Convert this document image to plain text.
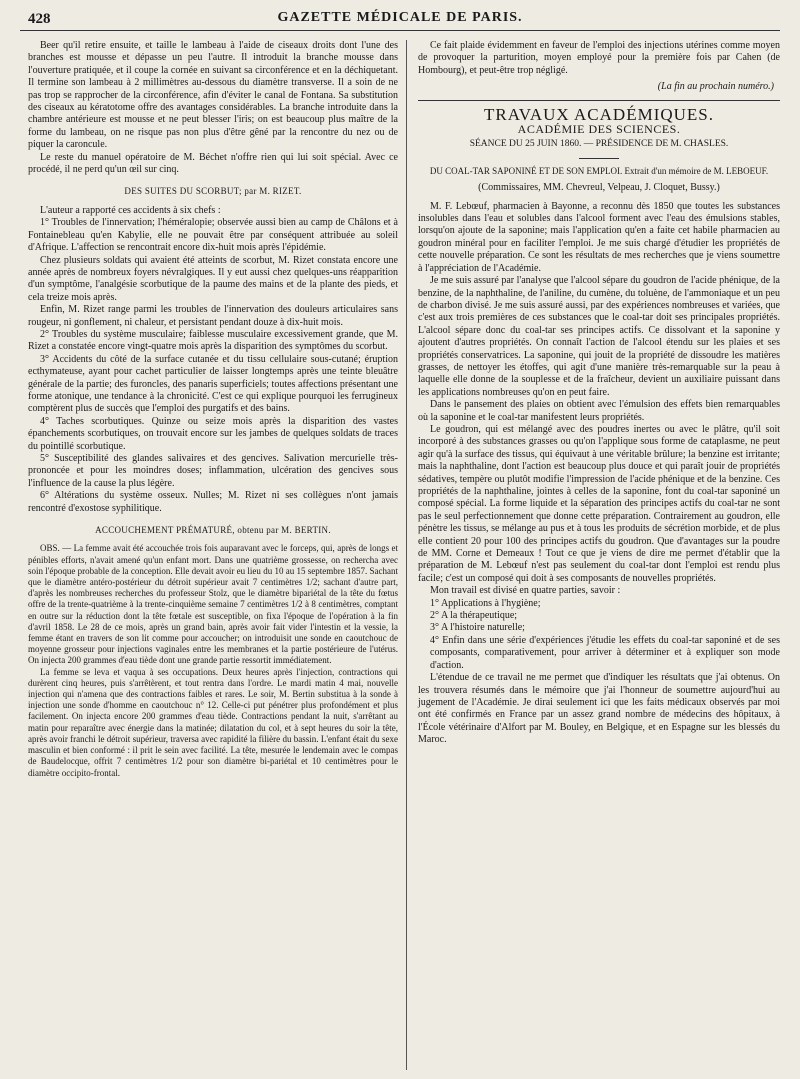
428	GAZETTE MÉDICALE DE PARIS.

Beer qu'il retire ensuite, et taille le lambeau à l'aide de ciseaux droits dont l'une des branches est mousse et dépasse un peu l'autre. Il introduit la branche mousse dans l'ouverture pratiquée, et il coupe la cornée en suivant sa circonférence et en la déchiquetant. Il termine son lambeau à 2 millimètres au-dessous du diamètre transverse. Il a soin de ne pas trop se rapprocher de la circonférence, afin d'éviter le canal de Fontana. Sa substitution des ciseaux au kératotome offre des avantages considérables. La branche introduite dans la chambre antérieure est mousse et ne peut blesser l'iris; on est beaucoup plus maître de la forme du lambeau, on ne risque pas non plus d'être gêné par la rencontre du nez ou de piquer la caroncule.

Le reste du manuel opératoire de M. Béchet n'offre rien qui lui soit spécial. Avec ce procédé, il ne perd qu'un œil sur cinq.

DES SUITES DU SCORBUT; par M. RIZET.

L'auteur a rapporté ces accidents à six chefs :

1° Troubles de l'innervation; l'héméralopie; observée aussi bien au camp de Châlons et à Fontainebleau qu'en Kabylie, elle ne pouvait être par conséquent attribuée au soleil d'Afrique. L'affection se rencontrait encore dix-huit mois après l'épidémie.

Chez plusieurs soldats qui avaient été atteints de scorbut, M. Rizet constata encore une année après de nombreux foyers névralgiques. Il y eut aussi chez quelques-uns réapparition d'un symptôme, l'analgésie scorbutique de la paume des mains et de la plante des pieds, et cela treize mois après.

Enfin, M. Rizet range parmi les troubles de l'innervation des douleurs articulaires sans rougeur, ni gonflement, ni chaleur, et persistant pendant douze à dix-huit mois.

2° Troubles du système musculaire; faiblesse musculaire excessivement grande, que M. Rizet a constatée encore vingt-quatre mois après la disparition des symptômes du scorbut.

3° Accidents du côté de la surface cutanée et du tissu cellulaire sous-cutané; éruption ecthymateuse, ayant pour cachet particulier de laisser longtemps après une teinte bleuâtre générale de la partie; des furoncles, des panaris superficiels; toutes affections présentant une forme atonique, une tendance à la chronicité. C'est ce qui explique pourquoi les ferrugineux comptèrent plus de succès que l'emploi des purgatifs et des bains.

4° Taches scorbutiques. Quinze ou seize mois après la disparition des vastes épanchements scorbutiques, on trouvait encore sur les jambes de quelques soldats de traces du pointillé scorbutique.

5° Susceptibilité des glandes salivaires et des gencives. Salivation mercurielle très-prononcée et pour les moindres doses; inflammation, ulcération des gencives sous l'influence de la cause la plus légère.

6° Altérations du système osseux. Nulles; M. Rizet ni ses collègues n'ont jamais rencontré d'exostose syphilitique.

ACCOUCHEMENT PRÉMATURÉ, obtenu par M. BERTIN.

OBS. — La femme avait été accouchée trois fois auparavant avec le forceps, qui, après de longs et pénibles efforts, n'avait amené qu'un enfant mort. Dans une quatrième grossesse, on rechercha avec soin l'époque probable de la conception. Elle devait avoir eu lieu du 10 au 15 septembre 1857. Sachant que le diamètre antéro-postérieur du détroit supérieur avait 7 centimètres 1/2; sachant d'autre part, d'après les nombreuses recherches du professeur Stolz, que le diamètre bipariétal de la tête du fœtus offre de la trente-quatrième à la trente-cinquième semaine 7 centimètres 1/2 à 8 centimètres, comptant en outre sur la réduction dont la tête fœtale est susceptible, on fixa l'époque de l'opération à la fin d'avril 1858. Le 28 de ce mois, après un grand bain, après avoir fait vider l'intestin et la vessie, la femme étant en travers de son lit comme pour accoucher; on introduisit une sonde en caoutchouc de moyenne grosseur pour injections vaginales entre les membranes et la partie postérieure de l'utérus. On injecta 200 grammes d'eau tiède dont une grande partie ressortit immédiatement.

La femme se leva et vaqua à ses occupations. Deux heures après l'injection, contractions qui durèrent cinq heures, puis s'arrêtèrent, et tout rentra dans l'ordre. Le mardi matin 4 mai, nouvelle injection qui n'amena que des contractions faibles et rares. Le soir, M. Bertin substitua à la sonde à injection une sonde d'homme en caoutchouc n° 12. Celle-ci put pénétrer plus profondément et plus facilement. On injecta encore 200 grammes d'eau tiède. Contractions pendant la nuit, s'arrêtant au matin pour reparaître avec énergie dans la matinée; dilatation du col, et à sept heures du soir la tête, après avoir franchi le détroit supérieur, traversa avec rapidité la filière du bassin. L'enfant était du sexe masculin et bien conformé : il prit le sein avec facilité. La tête, mesurée le lendemain avec le compas de Baudelocque, offrit 7 centimètres 1/2 pour son diamètre bi-pariétal et 10 centimètres pour le diamètre occipito-frontal.

Ce fait plaide évidemment en faveur de l'emploi des injections utérines comme moyen de provoquer la parturition, moyen employé pour la première fois par Cahen (de Hombourg), et peut-être trop négligé.

(La fin au prochain numéro.)

TRAVAUX ACADÉMIQUES.
ACADÉMIE DES SCIENCES.
SÉANCE DU 25 JUIN 1860. — PRÉSIDENCE DE M. CHASLES.
DU COAL-TAR SAPONINÉ ET DE SON EMPLOI. Extrait d'un mémoire de M. LEBOEUF.
(Commissaires, MM. Chevreul, Velpeau, J. Cloquet, Bussy.)

M. F. Lebœuf, pharmacien à Bayonne, a reconnu dès 1850 que toutes les substances insolubles dans l'eau et solubles dans l'alcool forment avec l'eau des émulsions stables, lorsqu'on ajoute de la saponine; mais l'application qu'en a faite cet habile pharmacien au goudron minéral pour en faciliter l'emploi. Je me suis chargé d'étudier les propriétés de cette nouvelle préparation. Ce sont les résultats de mes recherches que je viens soumettre à l'appréciation de l'Académie.

Je me suis assuré par l'analyse que l'alcool sépare du goudron de l'acide phénique, de la benzine, de la naphthaline, de l'aniline, du cumène, du toluène, de l'ammoniaque et un peu de charbon divisé. Je me suis assuré aussi, par des expériences nombreuses et variées, que c'est aux trois premières de ces substances que le coal-tar doit ses principales propriétés. L'alcool sépare donc du coal-tar ses principes actifs. Ce dissolvant et la saponine y ajoutent d'autres propriétés. On connaît l'action de l'alcool étendu sur les plaies et ses propriétés conservatrices. La saponine, qui jouit de la propriété de dissoudre les matières grasses, de nettoyer les étoffes, qui agit d'une manière très-remarquable sur la peau à laquelle elle donne de la souplesse et de la fraîcheur, devient un auxiliaire puissant dans les applications nombreuses qu'on en peut faire.

Dans le pansement des plaies on obtient avec l'émulsion des effets bien remarquables où la saponine et le coal-tar manifestent leurs propriétés.

Le goudron, qui est mélangé avec des poudres inertes ou avec le plâtre, qu'il soit incorporé à des substances grasses ou qu'on l'applique sous forme de cataplasme, ne peut agir qu'à la surface des tissus, qui équivaut à une véritable brûlure; la benzine est irritante; mais la naphthaline, dont l'action est beaucoup plus douce et qui paraît jouir de propriétés sédatives, tempère ou plutôt modifie l'impression de l'acide phénique et de la benzine. Ces propriétés de la naphthaline, jointes à celles de la saponine, font du coal-tar saponiné un composé spécial. La forme liquide et la séparation des principes actifs du coal-tar ne sont pas le seul perfectionnement que donne cette préparation. Contrairement au goudron, elle pénètre les tissus, se mélange au pus et à tous les produits de sécrétion morbide, et de plus elle contient 20 pour 100 des principes actifs du goudron. Que d'avantages sur la poudre de MM. Corne et Demeaux ! Tout ce que je viens de dire me permet d'établir que la préparation de M. Lebœuf n'est pas seulement du coal-tar dont l'emploi est rendu plus facile; c'est un composé qui doit à ses composants de nouvelles propriétés.

Mon travail est divisé en quatre parties, savoir :

1° Applications à l'hygiène;

2° A la thérapeutique;

3° A l'histoire naturelle;

4° Enfin dans une série d'expériences j'étudie les effets du coal-tar saponiné et de ses composants, comparativement, pour arriver à déterminer et à expliquer son mode d'action.

L'étendue de ce travail ne me permet que d'indiquer les résultats que j'ai obtenus. On les trouvera résumés dans le mémoire que j'ai l'honneur de soumettre aujourd'hui au jugement de l'Académie. Je dirai seulement ici que les faits médicaux observés par moi ont été confirmés en France par un assez grand nombre de médecins des hôpitaux, à l'École vétérinaire d'Alfort par M. Bouley, en Belgique, et en Espagne sur les blessés du Maroc.
